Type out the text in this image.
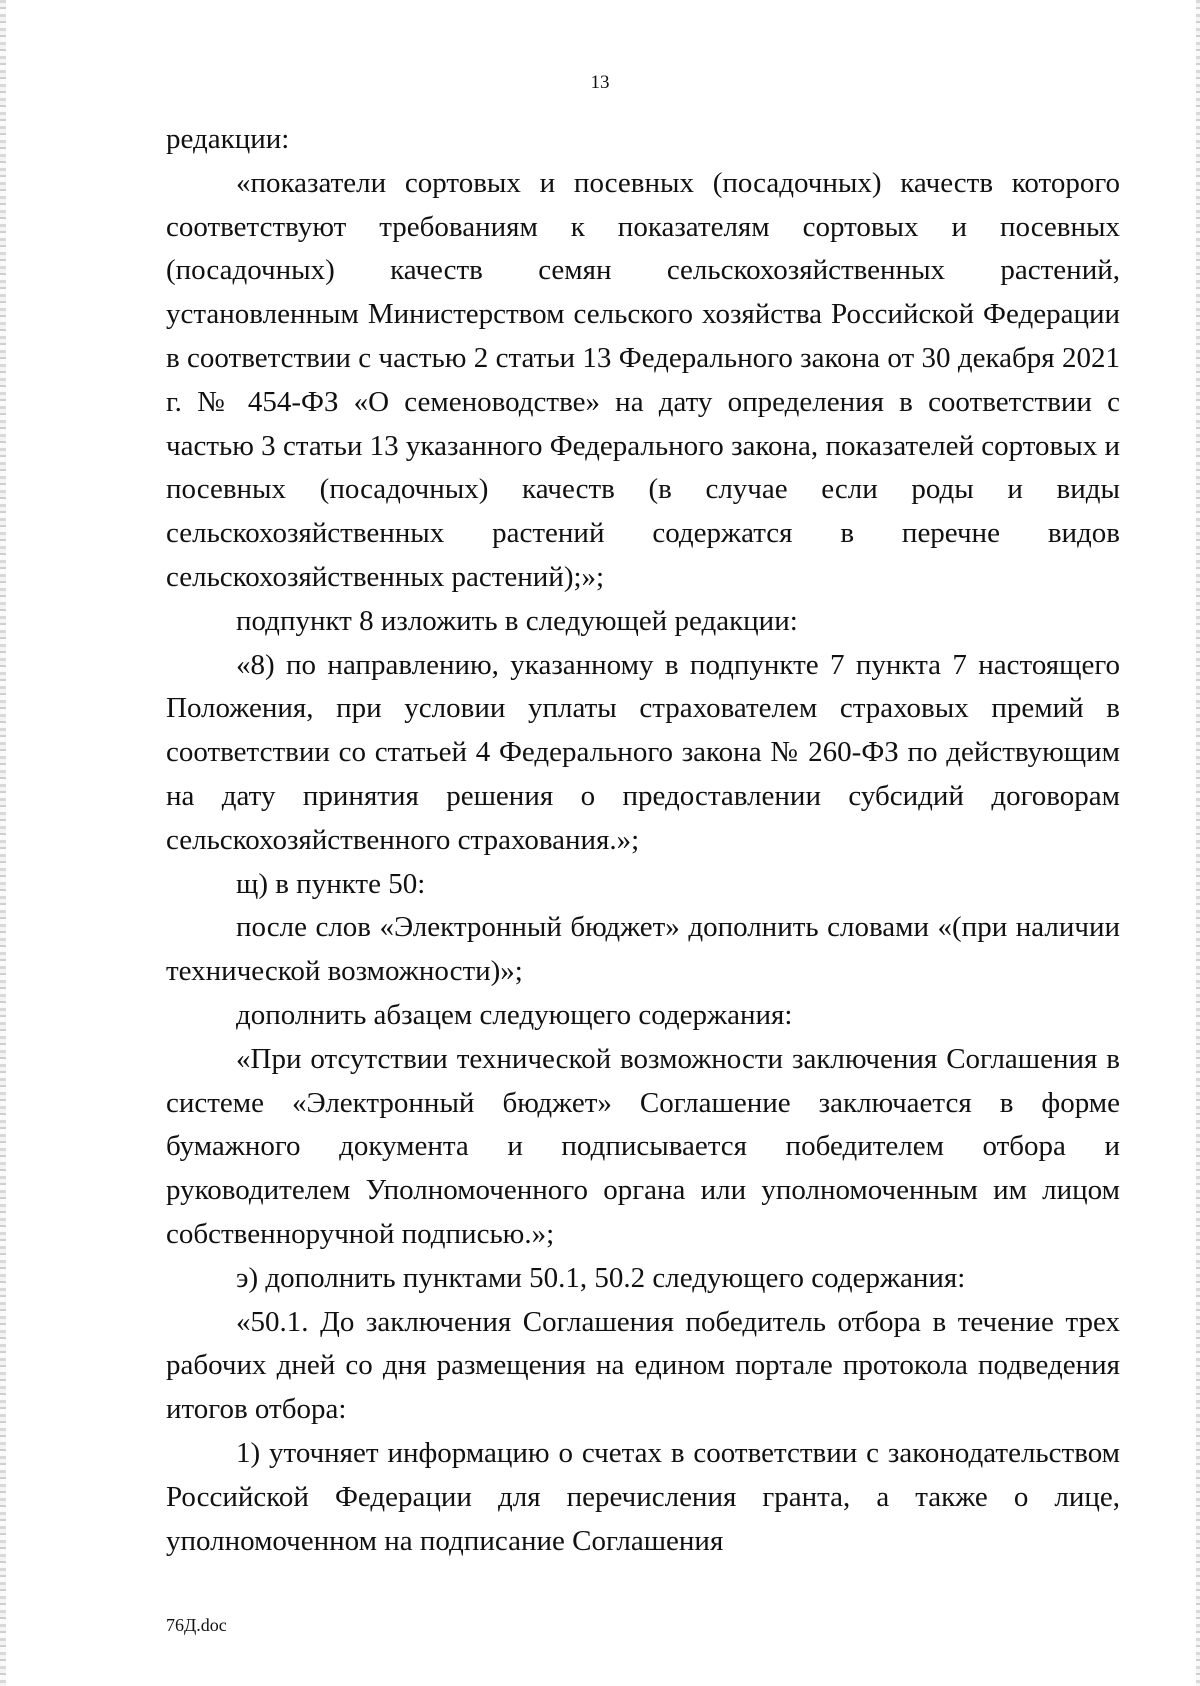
13

редакции:

«показатели сортовых и посевных (посадочных) качеств которого соответствуют требованиям к показателям сортовых и посевных (посадочных) качеств семян сельскохозяйственных растений, установленным Министерством сельского хозяйства Российской Федерации в соответствии с частью 2 статьи 13 Федерального закона от 30 декабря 2021 г. № 454-ФЗ «О семеноводстве» на дату определения в соответствии с частью 3 статьи 13 указанного Федерального закона, показателей сортовых и посевных (посадочных) качеств (в случае если роды и виды сельскохозяйственных растений содержатся в перечне видов сельскохозяйственных растений);»;

подпункт 8 изложить в следующей редакции:

«8) по направлению, указанному в подпункте 7 пункта 7 настоящего Положения, при условии уплаты страхователем страховых премий в соответствии со статьей 4 Федерального закона № 260-ФЗ по действующим на дату принятия решения о предоставлении субсидий договорам сельскохозяйственного страхования.»;

щ) в пункте 50:

после слов «Электронный бюджет» дополнить словами «(при наличии технической возможности)»;

дополнить абзацем следующего содержания:

«При отсутствии технической возможности заключения Соглашения в системе «Электронный бюджет» Соглашение заключается в форме бумажного документа и подписывается победителем отбора и руководителем Уполномоченного органа или уполномоченным им лицом собственноручной подписью.»;

э) дополнить пунктами 50.1, 50.2 следующего содержания:

«50.1. До заключения Соглашения победитель отбора в течение трех рабочих дней со дня размещения на едином портале протокола подведения итогов отбора:

1) уточняет информацию о счетах в соответствии с законодательством Российской Федерации для перечисления гранта, а также о лице, уполномоченном на подписание Соглашения

76Д.doc
